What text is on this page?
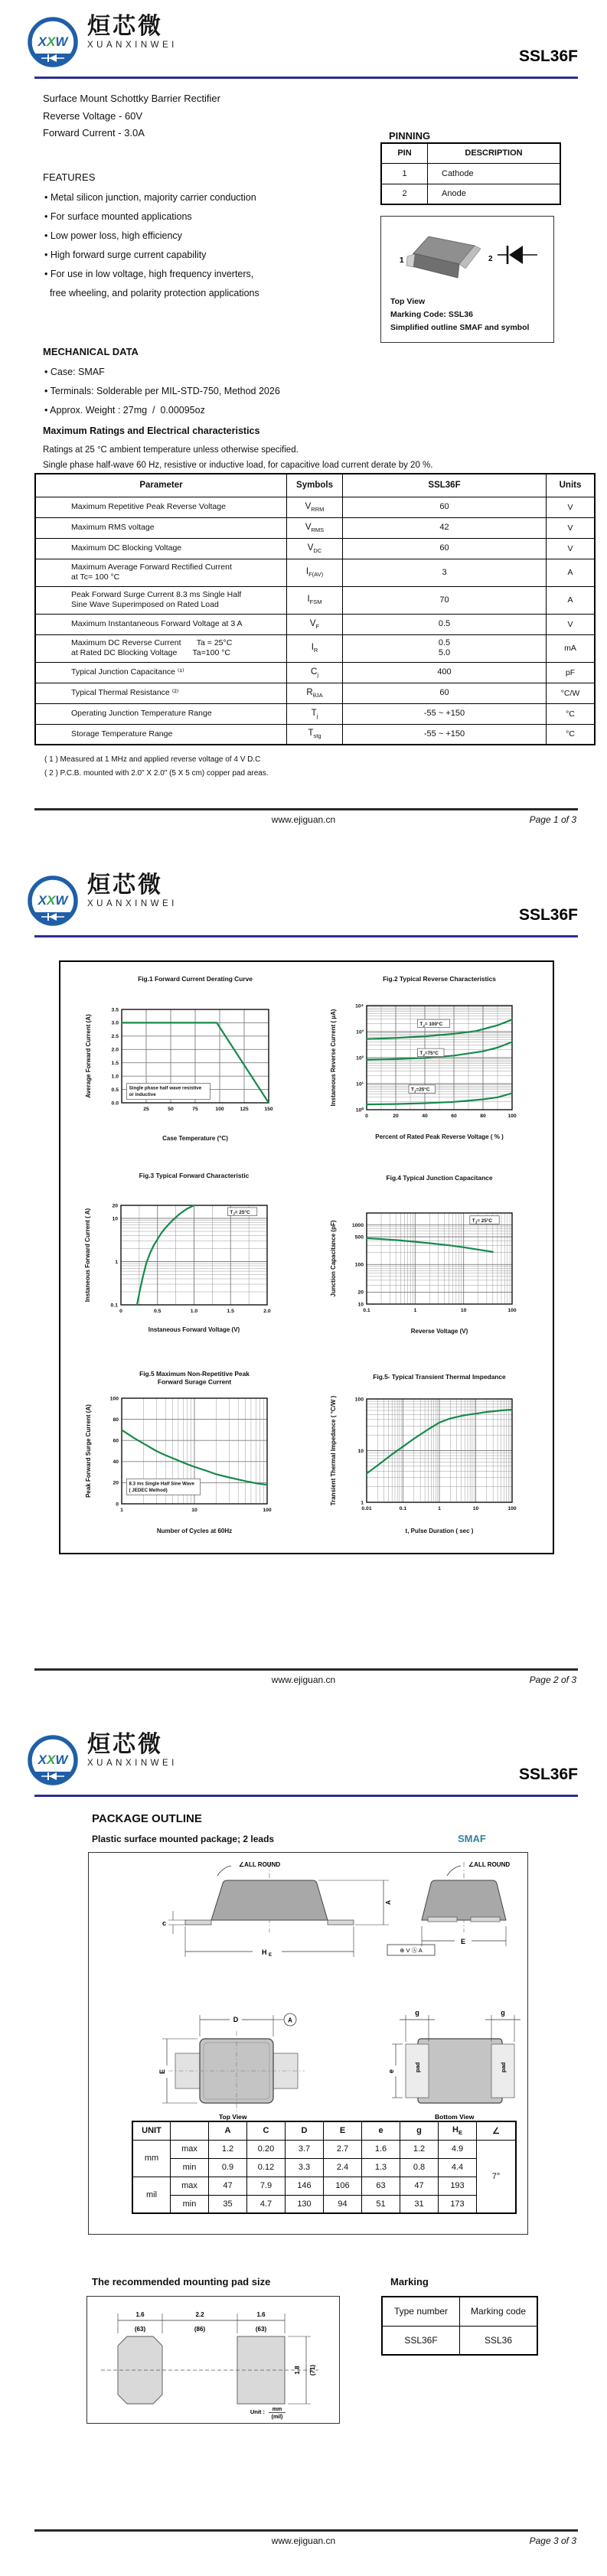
XXW
烜芯微
XUANXINWEI
SSL36F
Surface Mount Schottky Barrier Rectifier
Reverse Voltage - 60V
Forward Current - 3.0A	PINNING
PIN	DESCRIPTION
1	Cathode
2	Anode
FEATURES
• Metal silicon junction, majority carrier conduction
• For surface mounted applications
• Low power loss, high efficiency
• High forward surge current capability
• For use in low voltage, high frequency inverters,
free wheeling, and polarity protection applications
1	2
Top View
Marking Code: SSL36
Simplified outline SMAF and symbol
MECHANICAL DATA
• Case: SMAF
• Terminals: Solderable per MIL-STD-750, Method 2026
• Approx. Weight : 27mg  /  0.00095oz
Maximum Ratings and Electrical characteristics
Ratings at 25 °C ambient temperature unless otherwise specified.
Single phase half-wave 60 Hz, resistive or inductive load, for capacitive load current derate by 20 %.
Parameter	Symbols	SSL36F	Units

Maximum Repetitive Peak Reverse Voltage	$V_{RRM}$	60	V

Maximum RMS voltage	$V_{RMS}$	42	V

Maximum DC Blocking Voltage	$V_{DC}$	60	V

Maximum Average Forward Rectified Current
at Tc= 100 °C	$I_{F(AV)}$	3	A

Peak Forward Surge Current 8.3 ms Single Half
Sine Wave Superimposed on Rated Load	$I_{FSM}$	70	A

Maximum Instantaneous Forward Voltage at 3 A	$V_F$	0.5	V

Maximum DC Reverse Current       Ta = 25°C
at Rated DC Blocking Voltage       Ta=100 °C
	$I_R$	
0.5
5.0	mA

Typical Junction Capacitance ⁽¹⁾	$C_j$	400	pF

Typical Thermal Resistance ⁽²⁾	$R_{\theta JA}$	60	°C/W

Operating Junction Temperature Range	$T_j$	-55 ~ +150	°C

Storage Temperature Range	$T_{stg}$	-55 ~ +150	°C
( 1 ) Measured at 1 MHz and applied reverse voltage of 4 V D.C
( 2 ) P.C.B. mounted with 2.0" X 2.0" (5 X 5 cm) copper pad areas.
www.ejiguan.cn	Page 1 of 3
XXW
烜芯微
XUANXINWEI
SSL36F
www.ejiguan.cn	Page 2 of 3
XXW
烜芯微
XUANXINWEI
SSL36F
PACKAGE OUTLINE
Plastic surface mounted package; 2 leads	SMAF
∠ALL ROUND
c
A
H E
⊕ V Ⓐ A
∠ALL ROUND
E
D	A
E
Top View
pad	pad
g	g
e
Bottom View
UNIT		A	C	D	E	e	g	$H_E$	∠
mm	max	1.2	0.20	3.7	2.7	1.6	1.2	4.9	7°
	min	0.9	0.12	3.3	2.4	1.3	0.8	4.4	
mil	max	47	7.9	146	106	63	47	193	
	min	35	4.7	130	94	51	31	173	
The recommended mounting pad size
1.6
(63)
2.2
(86)
1.6
(63)
1.8 (71)
Unit : mm
(mil)
Marking
Type number	Marking code
SSL36F	SSL36
www.ejiguan.cn	Page 3 of 3
25	50	75	100	125	150
0.0
0.5
1.0
1.5
2.0
2.5
3.0
3.5
Fig.1 Forward Current Derating Curve
Case Temperature (°C)
Average Forward Current (A)	Single phase half wave resistive
or inductive
0	20	40	60	80	100
10⁰
10¹
10²
10³
10⁴
Fig.2 Typical Reverse Characteristics
Percent of Rated Peak Reverse Voltage ( % )
Instaneous Reverse Current ( µA)	$T_J= 100^\circ C$
$T_J=75^\circ C$
$T_J=25^\circ C$
0	0.5	1.0	1.5	2.0
0.1
1
10
20
Fig.3 Typical Forward Characteristic
Instaneous Forward Voltage (V)
Instaneous Forward Current ( A)	$T_J= 25^\circ C$
0.1	1	10	100
10
20
100
500
1000
Fig.4 Typical Junction Capacitance
Reverse Voltage (V)
Junction Capacitance (pF)	$T_J= 25^\circ C$
1	10	100
0
20
40
60
80
100
Fig.5 Maximum Non-Repetitive Peak
Forward Surage Current
Number of Cycles at 60Hz
Peak Forward Surge Current (A)	8.3 ms Single Half Sine Wave
( JEDEC Method)
0.01	0.1	1	10	100
1
10
100
Fig.5- Typical Transient Thermal Impedance
t, Pulse Duration ( sec )
Transient Thermal Impedance ( °C/W )
